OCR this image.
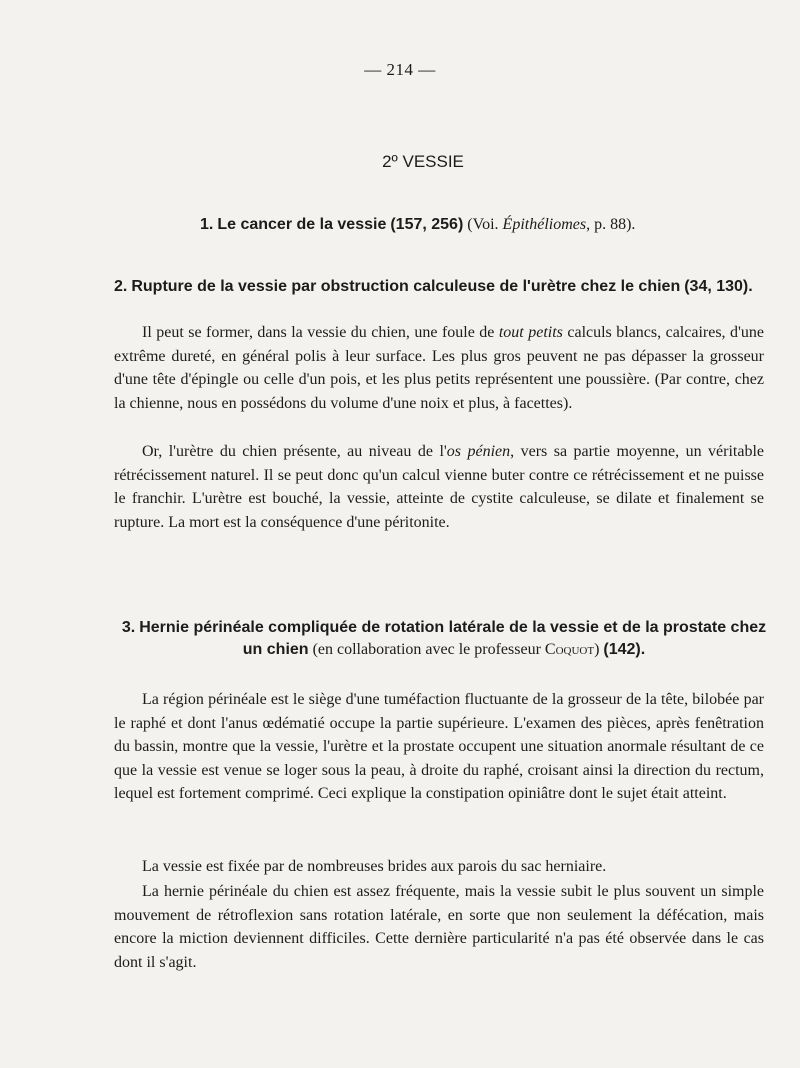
— 214 —
2º VESSIE
1. Le cancer de la vessie (157, 256) (Voi. Épithéliomes, p. 88).
2. Rupture de la vessie par obstruction calculeuse de l'urètre chez le chien (34, 130).

Il peut se former, dans la vessie du chien, une foule de tout petits calculs blancs, calcaires, d'une extrême dureté, en général polis à leur surface. Les plus gros peuvent ne pas dépasser la grosseur d'une tête d'épingle ou celle d'un pois, et les plus petits représentent une poussière. (Par contre, chez la chienne, nous en possédons du volume d'une noix et plus, à facettes).

Or, l'urètre du chien présente, au niveau de l'os pénien, vers sa partie moyenne, un véritable rétrécissement naturel. Il se peut donc qu'un calcul vienne buter contre ce rétrécissement et ne puisse le franchir. L'urètre est bouché, la vessie, atteinte de cystite calculeuse, se dilate et finalement se rupture. La mort est la conséquence d'une péritonite.

3. Hernie périnéale compliquée de rotation latérale de la vessie et de la prostate chez un chien (en collaboration avec le professeur Coquot) (142).

La région périnéale est le siège d'une tuméfaction fluctuante de la grosseur de la tête, bilobée par le raphé et dont l'anus œdématié occupe la partie supérieure. L'examen des pièces, après fenêtration du bassin, montre que la vessie, l'urètre et la prostate occupent une situation anormale résultant de ce que la vessie est venue se loger sous la peau, à droite du raphé, croisant ainsi la direction du rectum, lequel est fortement comprimé. Ceci explique la constipation opiniâtre dont le sujet était atteint.

La vessie est fixée par de nombreuses brides aux parois du sac herniaire.

La hernie périnéale du chien est assez fréquente, mais la vessie subit le plus souvent un simple mouvement de rétroflexion sans rotation latérale, en sorte que non seulement la défécation, mais encore la miction deviennent difficiles. Cette dernière particularité n'a pas été observée dans le cas dont il s'agit.
